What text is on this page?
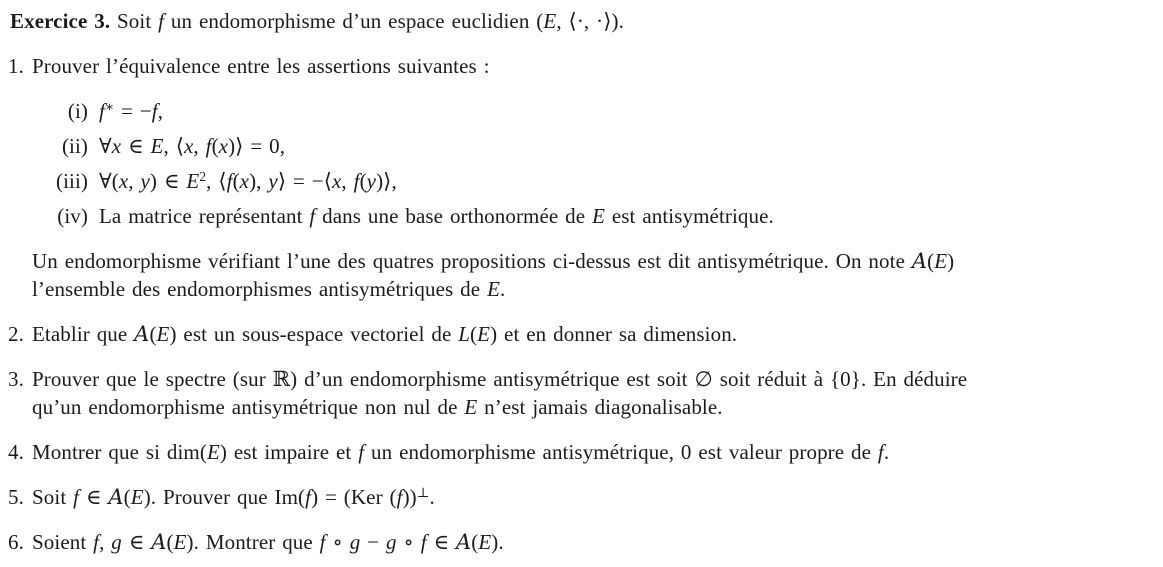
Exercice 3. Soit f un endomorphisme d’un espace euclidien (E, ⟨·, ·⟩).

1. Prouver l’équivalence entre les assertions suivantes :
(i) f∗ = −f,
(ii) ∀x ∈ E, ⟨x, f(x)⟩ = 0,
(iii) ∀(x, y) ∈ $E^2$, ⟨f(x), y⟩ = −⟨x, f(y)⟩,
(iv) La matrice représentant f dans une base orthonormée de E est antisymétrique.

Un endomorphisme vérifiant l’une des quatres propositions ci-dessus est dit antisymétrique. On note A(E)
l’ensemble des endomorphismes antisymétriques de E.

2. Etablir que A(E) est un sous-espace vectoriel de L(E) et en donner sa dimension.
3. Prouver que le spectre (sur ℝ) d’un endomorphisme antisymétrique est soit ∅ soit réduit à {0}. En déduire
qu’un endomorphisme antisymétrique non nul de E n’est jamais diagonalisable.
4. Montrer que si dim(E) est impaire et f un endomorphisme antisymétrique, 0 est valeur propre de f.
5. Soit f ∈ A(E). Prouver que Im(f) = (Ker (f))⊥.
6. Soient f, g ∈ A(E). Montrer que f ∘ g − g ∘ f ∈ A(E).
